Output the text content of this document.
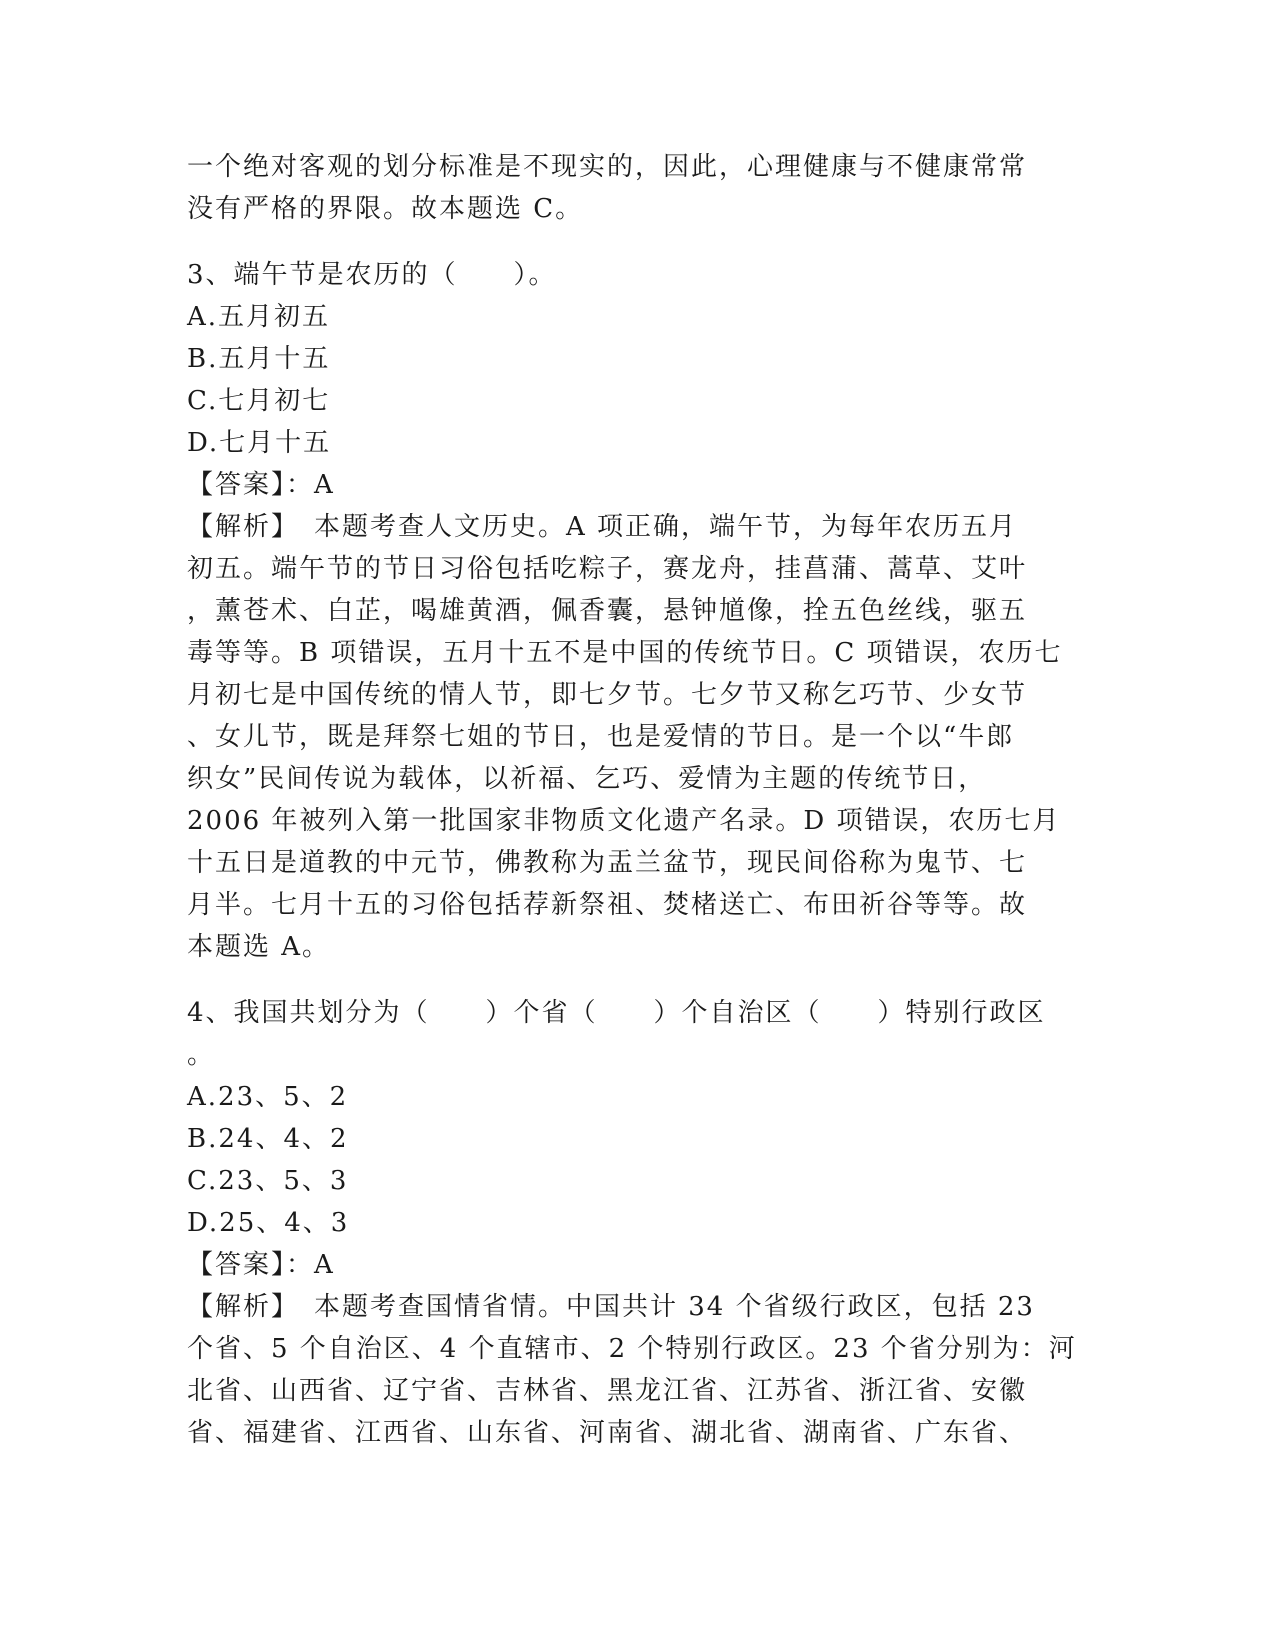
一个绝对客观的划分标准是不现实的，因此，心理健康与不健康常常
没有严格的界限。故本题选 C。
3、端午节是农历的（　　）。
A.五月初五
B.五月十五
C.七月初七
D.七月十五
【答案】：A
【解析】　本题考查人文历史。A 项正确，端午节，为每年农历五月
初五。端午节的节日习俗包括吃粽子，赛龙舟，挂菖蒲、蒿草、艾叶
，薰苍术、白芷，喝雄黄酒，佩香囊，悬钟馗像，拴五色丝线，驱五
毒等等。B 项错误，五月十五不是中国的传统节日。C 项错误，农历七
月初七是中国传统的情人节，即七夕节。七夕节又称乞巧节、少女节
、女儿节，既是拜祭七姐的节日，也是爱情的节日。是一个以“牛郎
织女”民间传说为载体，以祈福、乞巧、爱情为主题的传统节日，
2006 年被列入第一批国家非物质文化遗产名录。D 项错误，农历七月
十五日是道教的中元节，佛教称为盂兰盆节，现民间俗称为鬼节、七
月半。七月十五的习俗包括荐新祭祖、焚楮送亡、布田祈谷等等。故
本题选 A。
4、我国共划分为（　　）个省（　　）个自治区（　　）特别行政区
。
A.23、5、2
B.24、4、2
C.23、5、3
D.25、4、3
【答案】：A
【解析】　本题考查国情省情。中国共计 34 个省级行政区，包括 23
个省、5 个自治区、4 个直辖市、2 个特别行政区。23 个省分别为：河
北省、山西省、辽宁省、吉林省、黑龙江省、江苏省、浙江省、安徽
省、福建省、江西省、山东省、河南省、湖北省、湖南省、广东省、
